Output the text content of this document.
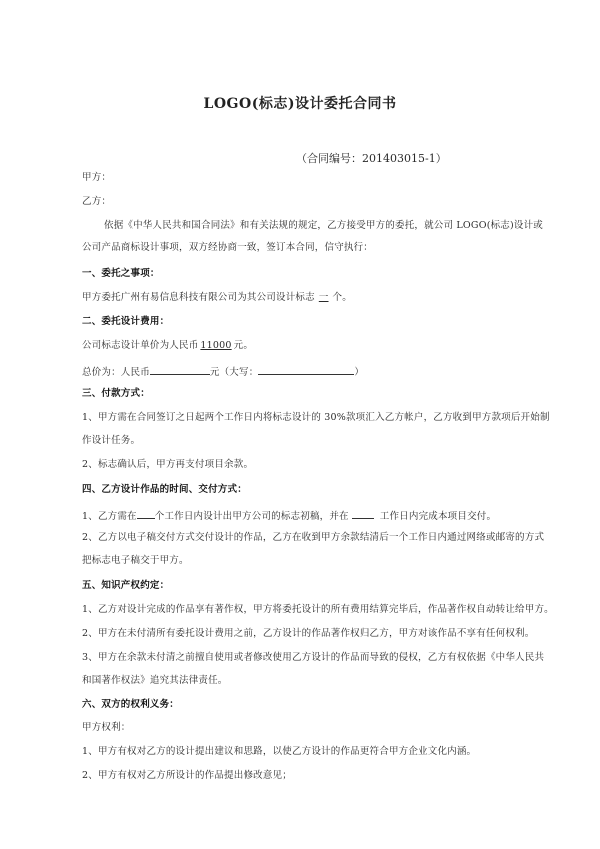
LOGO(标志)设计委托合同书
（合同编号：201403015-1）
甲方：
乙方：
依据《中华人民共和国合同法》和有关法规的规定，乙方接受甲方的委托，就公司 LOGO(标志)设计或
公司产品商标设计事项，双方经协商一致，签订本合同，信守执行：
一、委托之事项：
甲方委托广州有易信息科技有限公司为其公司设计标志 一 个。
二、委托设计费用：
公司标志设计单价为人民币 11000 元。
总价为：人民币	元（大写：	）
三、付款方式：
1、甲方需在合同签订之日起两个工作日内将标志设计的 30%款项汇入乙方帐户，乙方收到甲方款项后开始制
作设计任务。
2、标志确认后，甲方再支付项目余款。
四、乙方设计作品的时间、交付方式：
1、乙方需在 个工作日内设计出甲方公司的标志初稿，并在	工作日内完成本项目交付。
2、乙方以电子稿交付方式交付设计的作品，乙方在收到甲方余款结清后一个工作日内通过网络或邮寄的方式
把标志电子稿交于甲方。
五、知识产权约定：
1、乙方对设计完成的作品享有著作权，甲方将委托设计的所有费用结算完毕后，作品著作权自动转让给甲方。
2、甲方在未付清所有委托设计费用之前，乙方设计的作品著作权归乙方，甲方对该作品不享有任何权利。
3、甲方在余款未付清之前擅自使用或者修改使用乙方设计的作品而导致的侵权，乙方有权依据《中华人民共
和国著作权法》追究其法律责任。
六、双方的权利义务：
甲方权利：
1、甲方有权对乙方的设计提出建议和思路，以使乙方设计的作品更符合甲方企业文化内涵。
2、甲方有权对乙方所设计的作品提出修改意见；
